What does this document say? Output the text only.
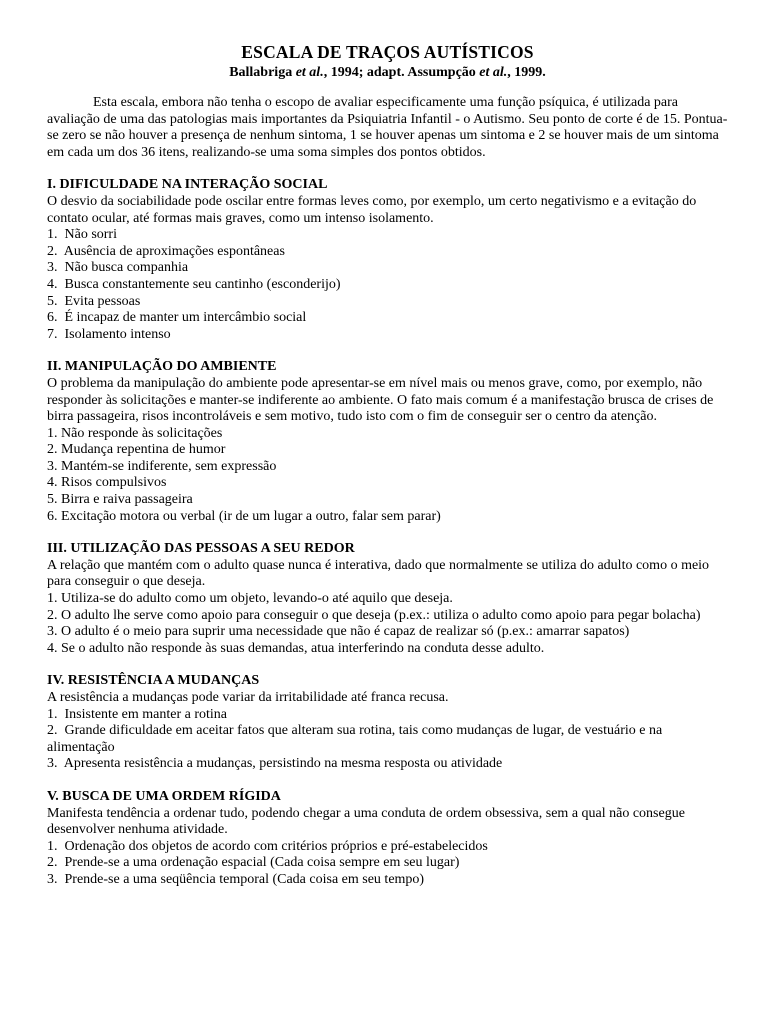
ESCALA DE TRAÇOS AUTÍSTICOS

Ballabriga et al., 1994; adapt. Assumpção et al., 1999.

Esta escala, embora não tenha o escopo de avaliar especificamente uma função psíquica, é utilizada para avaliação de uma das patologias mais importantes da Psiquiatria Infantil - o Autismo. Seu ponto de corte é de 15. Pontua-se zero se não houver a presença de nenhum sintoma, 1 se houver apenas um sintoma e 2 se houver mais de um sintoma em cada um dos 36 itens, realizando-se uma soma simples dos pontos obtidos.

I. DIFICULDADE NA INTERAÇÃO SOCIAL

O desvio da sociabilidade pode oscilar entre formas leves como, por exemplo, um certo negativismo e a evitação do contato ocular, até formas mais graves, como um intenso isolamento.

1.  Não sorri
2.  Ausência de aproximações espontâneas
3.  Não busca companhia
4.  Busca constantemente seu cantinho (esconderijo)
5.  Evita pessoas
6.  É incapaz de manter um intercâmbio social
7.  Isolamento intenso

II. MANIPULAÇÃO DO AMBIENTE

O problema da manipulação do ambiente pode apresentar-se em nível mais ou menos grave, como, por exemplo, não responder às solicitações e manter-se indiferente ao ambiente. O fato mais comum é a manifestação brusca de crises de birra passageira, risos incontroláveis e sem motivo, tudo isto com o fim de conseguir ser o centro da atenção.

1. Não responde às solicitações
2. Mudança repentina de humor
3. Mantém-se indiferente, sem expressão
4. Risos compulsivos
5. Birra e raiva passageira
6. Excitação motora ou verbal (ir de um lugar a outro, falar sem parar)

III. UTILIZAÇÃO DAS PESSOAS A SEU REDOR

A relação que mantém com o adulto quase nunca é interativa, dado que normalmente se utiliza do adulto como o meio para conseguir o que deseja.

1. Utiliza-se do adulto como um objeto, levando-o até aquilo que deseja.
2. O adulto lhe serve como apoio para conseguir o que deseja (p.ex.: utiliza o adulto como apoio para pegar bolacha)
3. O adulto é o meio para suprir uma necessidade que não é capaz de realizar só (p.ex.: amarrar sapatos)
4. Se o adulto não responde às suas demandas, atua interferindo na conduta desse adulto.

IV. RESISTÊNCIA A MUDANÇAS

A resistência a mudanças pode variar da irritabilidade até franca recusa.

1.  Insistente em manter a rotina
2.  Grande dificuldade em aceitar fatos que alteram sua rotina, tais como mudanças de lugar, de vestuário e na alimentação
3.  Apresenta resistência a mudanças, persistindo na mesma resposta ou atividade

V. BUSCA DE UMA ORDEM RÍGIDA

Manifesta tendência a ordenar tudo, podendo chegar a uma conduta de ordem obsessiva, sem a qual não consegue desenvolver nenhuma atividade.

1.  Ordenação dos objetos de acordo com critérios próprios e pré-estabelecidos
2.  Prende-se a uma ordenação espacial (Cada coisa sempre em seu lugar)
3.  Prende-se a uma seqüência temporal (Cada coisa em seu tempo)
